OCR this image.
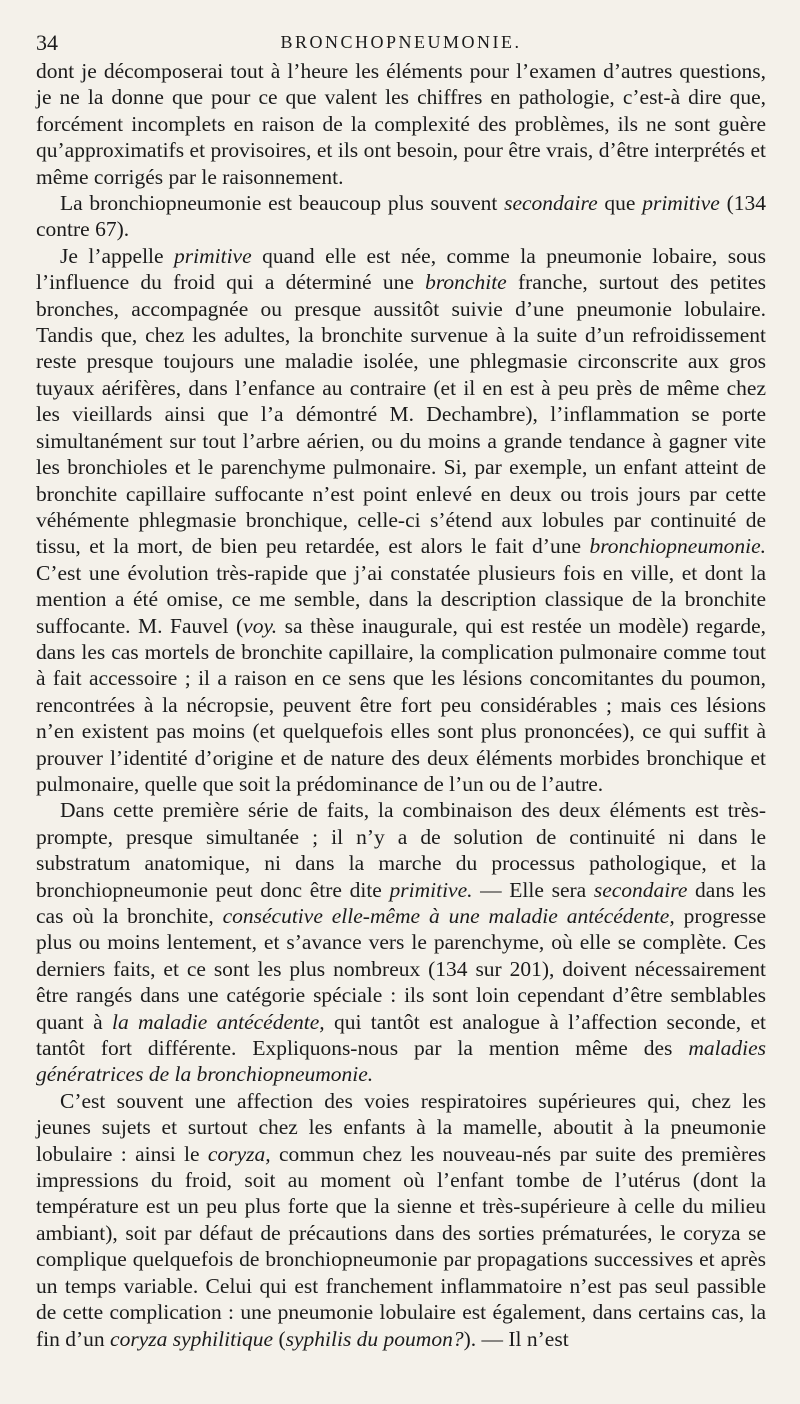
34	BRONCHOPNEUMONIE.

dont je décomposerai tout à l’heure les éléments pour l’examen d’autres questions, je ne la donne que pour ce que valent les chiffres en pathologie, c’est-à dire que, forcément incomplets en raison de la complexité des problèmes, ils ne sont guère qu’approximatifs et provisoires, et ils ont besoin, pour être vrais, d’être interprétés et même corrigés par le raisonnement.

La bronchiopneumonie est beaucoup plus souvent secondaire que primitive (134 contre 67).

Je l’appelle primitive quand elle est née, comme la pneumonie lobaire, sous l’influence du froid qui a déterminé une bronchite franche, surtout des petites bronches, accompagnée ou presque aussitôt suivie d’une pneumonie lobulaire. Tandis que, chez les adultes, la bronchite survenue à la suite d’un refroidissement reste presque toujours une maladie isolée, une phlegmasie circonscrite aux gros tuyaux aérifères, dans l’enfance au contraire (et il en est à peu près de même chez les vieillards ainsi que l’a démontré M. Dechambre), l’inflammation se porte simultanément sur tout l’arbre aérien, ou du moins a grande tendance à gagner vite les bronchioles et le parenchyme pulmonaire. Si, par exemple, un enfant atteint de bronchite capillaire suffocante n’est point enlevé en deux ou trois jours par cette véhémente phlegmasie bronchique, celle-ci s’étend aux lobules par continuité de tissu, et la mort, de bien peu retardée, est alors le fait d’une bronchiopneumonie. C’est une évolution très-rapide que j’ai constatée plusieurs fois en ville, et dont la mention a été omise, ce me semble, dans la description classique de la bronchite suffocante. M. Fauvel (voy. sa thèse inaugurale, qui est restée un modèle) regarde, dans les cas mortels de bronchite capillaire, la complication pulmonaire comme tout à fait accessoire ; il a raison en ce sens que les lésions concomitantes du poumon, rencontrées à la nécropsie, peuvent être fort peu considérables ; mais ces lésions n’en existent pas moins (et quelquefois elles sont plus prononcées), ce qui suffit à prouver l’identité d’origine et de nature des deux éléments morbides bronchique et pulmonaire, quelle que soit la prédominance de l’un ou de l’autre.

Dans cette première série de faits, la combinaison des deux éléments est très-prompte, presque simultanée ; il n’y a de solution de continuité ni dans le substratum anatomique, ni dans la marche du processus pathologique, et la bronchiopneumonie peut donc être dite primitive. — Elle sera secondaire dans les cas où la bronchite, consécutive elle-même à une maladie antécédente, progresse plus ou moins lentement, et s’avance vers le parenchyme, où elle se complète. Ces derniers faits, et ce sont les plus nombreux (134 sur 201), doivent nécessairement être rangés dans une catégorie spéciale : ils sont loin cependant d’être semblables quant à la maladie antécédente, qui tantôt est analogue à l’affection seconde, et tantôt fort différente. Expliquons-nous par la mention même des maladies génératrices de la bronchiopneumonie.

C’est souvent une affection des voies respiratoires supérieures qui, chez les jeunes sujets et surtout chez les enfants à la mamelle, aboutit à la pneumonie lobulaire : ainsi le coryza, commun chez les nouveau-nés par suite des premières impressions du froid, soit au moment où l’enfant tombe de l’utérus (dont la température est un peu plus forte que la sienne et très-supérieure à celle du milieu ambiant), soit par défaut de précautions dans des sorties prématurées, le coryza se complique quelquefois de bronchiopneumonie par propagations successives et après un temps variable. Celui qui est franchement inflammatoire n’est pas seul passible de cette complication : une pneumonie lobulaire est également, dans certains cas, la fin d’un coryza syphilitique (syphilis du poumon?). — Il n’est
